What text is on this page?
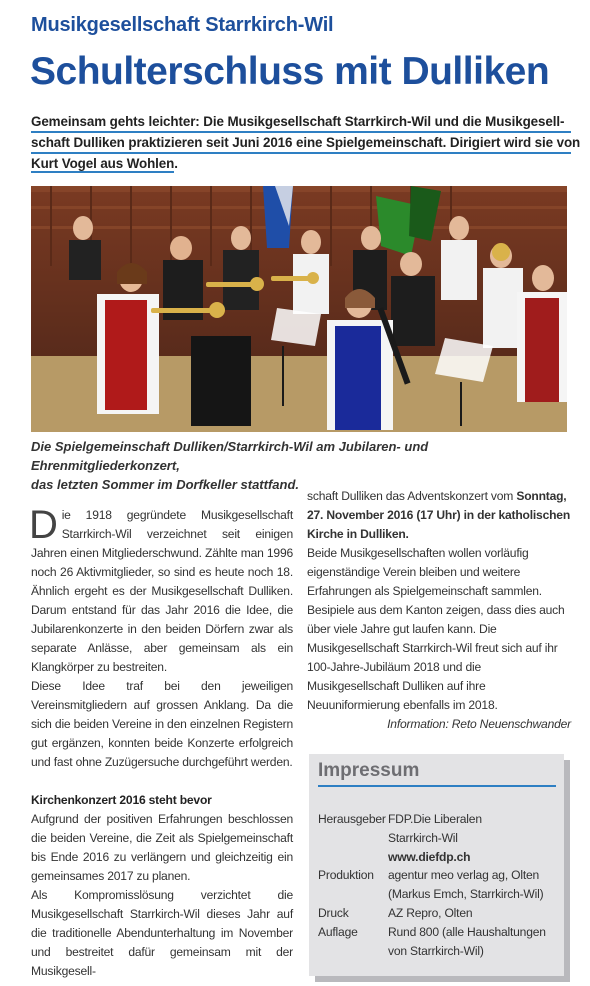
Musikgesellschaft Starrkirch-Wil
Schulterschluss mit Dulliken
Gemeinsam gehts leichter: Die Musikgesellschaft Starrkirch-Wil und die Musikgesell-
schaft Dulliken praktizieren seit Juni 2016 eine Spielgemeinschaft. Dirigiert wird sie von
Kurt Vogel aus Wohlen.
Die Spielgemeinschaft Dulliken/Starrkirch-Wil am Jubilaren- und Ehrenmitgliederkonzert,
das letzten Sommer im Dorfkeller stattfand.

Die 1918 gegründete Musikgesellschaft Starrkirch-Wil verzeichnet seit einigen Jahren einen Mitgliederschwund. Zählte man 1996 noch 26 Aktivmitglieder, so sind es heute noch 18. Ähnlich ergeht es der Musikgesellschaft Dulliken. Darum entstand für das Jahr 2016 die Idee, die Jubilarenkonzerte in den beiden Dörfern zwar als separate Anlässe, aber gemeinsam als ein Klangkörper zu bestreiten.

Diese Idee traf bei den jeweiligen Vereinsmitgliedern auf grossen Anklang. Da die sich die beiden Vereine in den einzelnen Registern gut ergänzen, konnten beide Konzerte erfolgreich und fast ohne Zuzügersuche durchgeführt werden.

Kirchenkonzert 2016 steht bevor

Aufgrund der positiven Erfahrungen beschlossen die beiden Vereine, die Zeit als Spielgemeinschaft bis Ende 2016 zu verlängern und gleichzeitig ein gemeinsames 2017 zu planen.

Als Kompromisslösung verzichtet die Musikgesellschaft Starrkirch-Wil dieses Jahr auf die traditionelle Abendunterhaltung im November und bestreitet dafür gemeinsam mit der Musikgesell-

schaft Dulliken das Adventskonzert vom Sonntag, 27. November 2016 (17 Uhr) in der katholischen Kirche in Dulliken.

Beide Musikgesellschaften wollen vorläufig eigenständige Verein bleiben und weitere Erfahrungen als Spielgemeinschaft sammlen. Besipiele aus dem Kanton zeigen, dass dies auch über viele Jahre gut laufen kann. Die Musikgesellschaft Starrkirch-Wil freut sich auf ihr 100-Jahre-Jubiläum 2018 und die Musikgesellschaft Dulliken auf ihre Neuuniformierung ebenfalls im 2018.

Information: Reto Neuenschwander

Impressum
Herausgeber FDP.Die Liberalen
Starrkirch-Wil
www.diefdp.ch
Produktion agentur meo verlag ag, Olten
(Markus Emch, Starrkirch-Wil)
Druck	AZ Repro, Olten
Auflage	Rund 800 (alle Haushaltungen
von Starrkirch-Wil)
